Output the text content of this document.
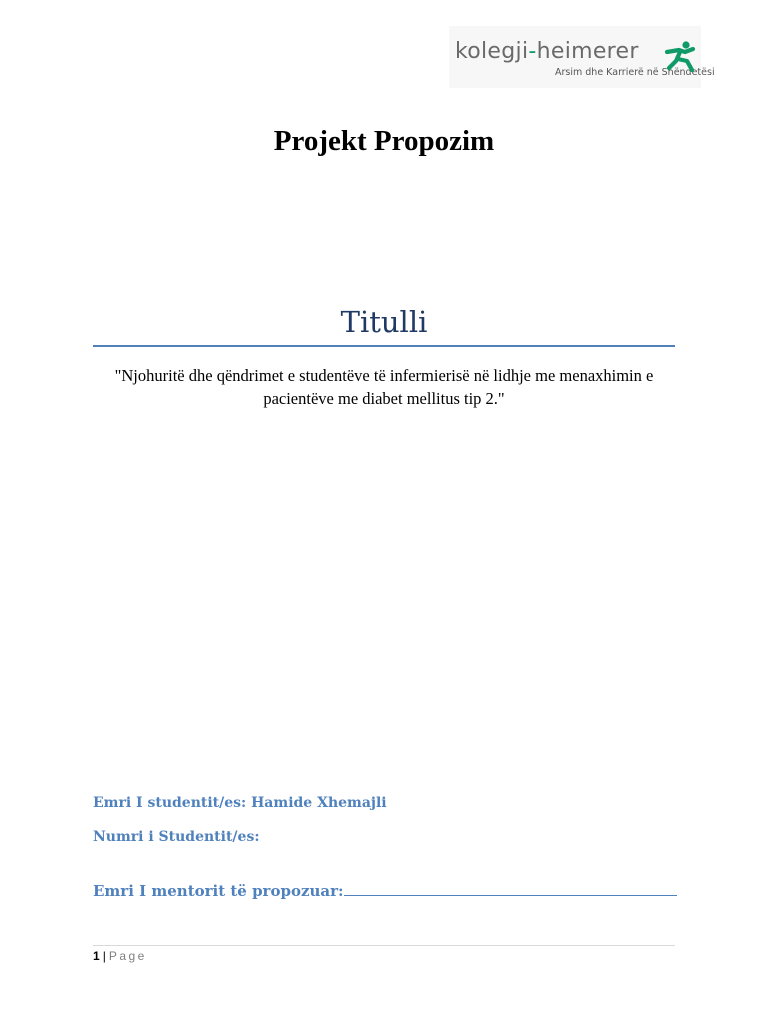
kolegji-heimerer
Arsim dhe Karrierë në Shëndetësi
Projekt Propozim
Titulli
"Njohuritë dhe qëndrimet e studentëve të infermierisë në lidhje me menaxhimin e pacientëve me diabet mellitus tip 2."
Emri I studentit/es: Hamide Xhemajli
Numri i Studentit/es:
Emri I mentorit të propozuar:
1 | Page
